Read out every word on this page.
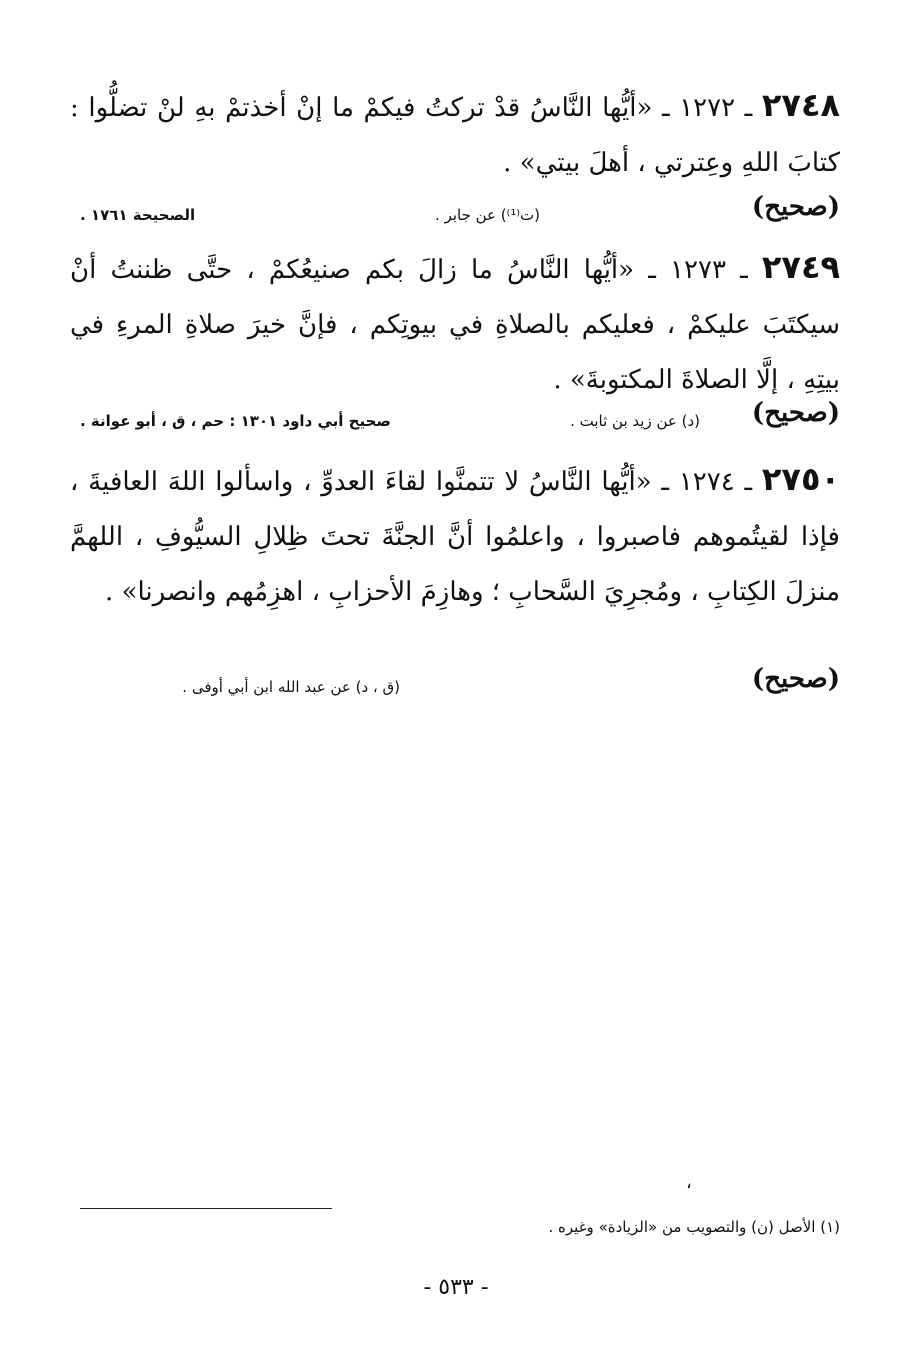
٢٧٤٨ ـ ١٢٧٢ ـ «أيُّها النَّاسُ قدْ تركتُ فيكمْ ما إنْ أخذتمْ بهِ لنْ تضلُّوا : كتابَ اللهِ وعِترتي ، أهلَ بيتي» .

(صحيح)
(ت⁽¹⁾) عن جابر .
الصحيحة ١٧٦١ .

٢٧٤٩ ـ ١٢٧٣ ـ «أيُّها النَّاسُ ما زالَ بكم صنيعُكمْ ، حتَّى ظننتُ أنْ سيكتَبَ عليكمْ ، فعليكم بالصلاةِ في بيوتِكم ، فإنَّ خيرَ صلاةِ المرءِ في بيتِهِ ، إلَّا الصلاةَ المكتوبةَ» .

(صحيح)
(د) عن زيد بن ثابت .
صحيح أبي داود ١٣٠١ : حم ، ق ، أبو عوانة .

٢٧٥٠ ـ ١٢٧٤ ـ «أيُّها النَّاسُ لا تتمنَّوا لقاءَ العدوِّ ، واسألوا اللهَ العافيةَ ، فإذا لقيتُموهم فاصبروا ، واعلمُوا أنَّ الجنَّةَ تحتَ ظِلالِ السيُّوفِ ، اللهمَّ منزلَ الكِتابِ ، ومُجرِيَ السَّحابِ ؛ وهازِمَ الأحزابِ ، اهزِمُهم وانصرنا» .

(صحيح)
(ق ، د) عن عبد الله ابن أبي أوفى .
،
(١) الأصل (ن) والتصويب من «الزيادة» وغيره .
- ٥٣٣ -
